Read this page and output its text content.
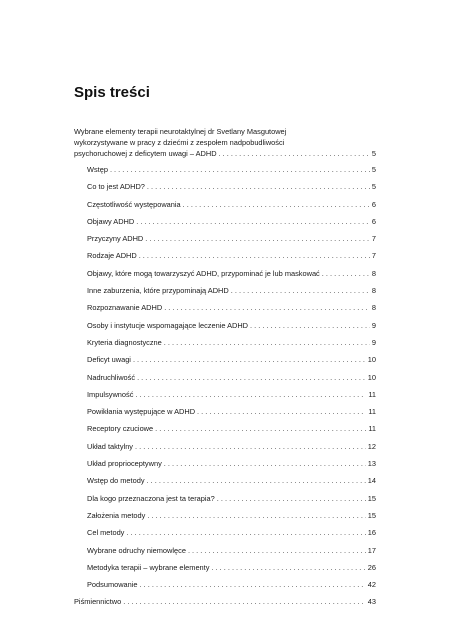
Spis treści
Wybrane elementy terapii neurotaktylnej dr Svetlany Masgutowej
wykorzystywane w pracy z dziećmi z zespołem nadpobudliwości
psychoruchowej z deficytem uwagi – ADHD . . .	5
Wstęp . . .	5
Co to jest ADHD? . . .	5
Częstotliwość występowania . . .	6
Objawy ADHD . . .	6
Przyczyny ADHD . . .	7
Rodzaje ADHD . . .	7
Objawy, które mogą towarzyszyć ADHD, przypominać je lub maskować . . .	8
Inne zaburzenia, które przypominają ADHD . . .	8
Rozpoznawanie ADHD . . .	8
Osoby i instytucje wspomagające leczenie ADHD . . .	9
Kryteria diagnostyczne . . .	9
Deficyt uwagi . . .	10
Nadruchliwość . . .	10
Impulsywność . . .	11
Powikłania występujące w ADHD . . .	11
Receptory czuciowe . . .	11
Układ taktylny . . .	12
Układ proprioceptywny . . .	13
Wstęp do metody . . .	14
Dla kogo przeznaczona jest ta terapia? . . .	15
Założenia metody . . .	15
Cel metody . . .	16
Wybrane odruchy niemowlęce . . .	17
Metodyka terapii – wybrane elementy . . .	26
Podsumowanie . . .	42
Piśmiennictwo . . .	43
